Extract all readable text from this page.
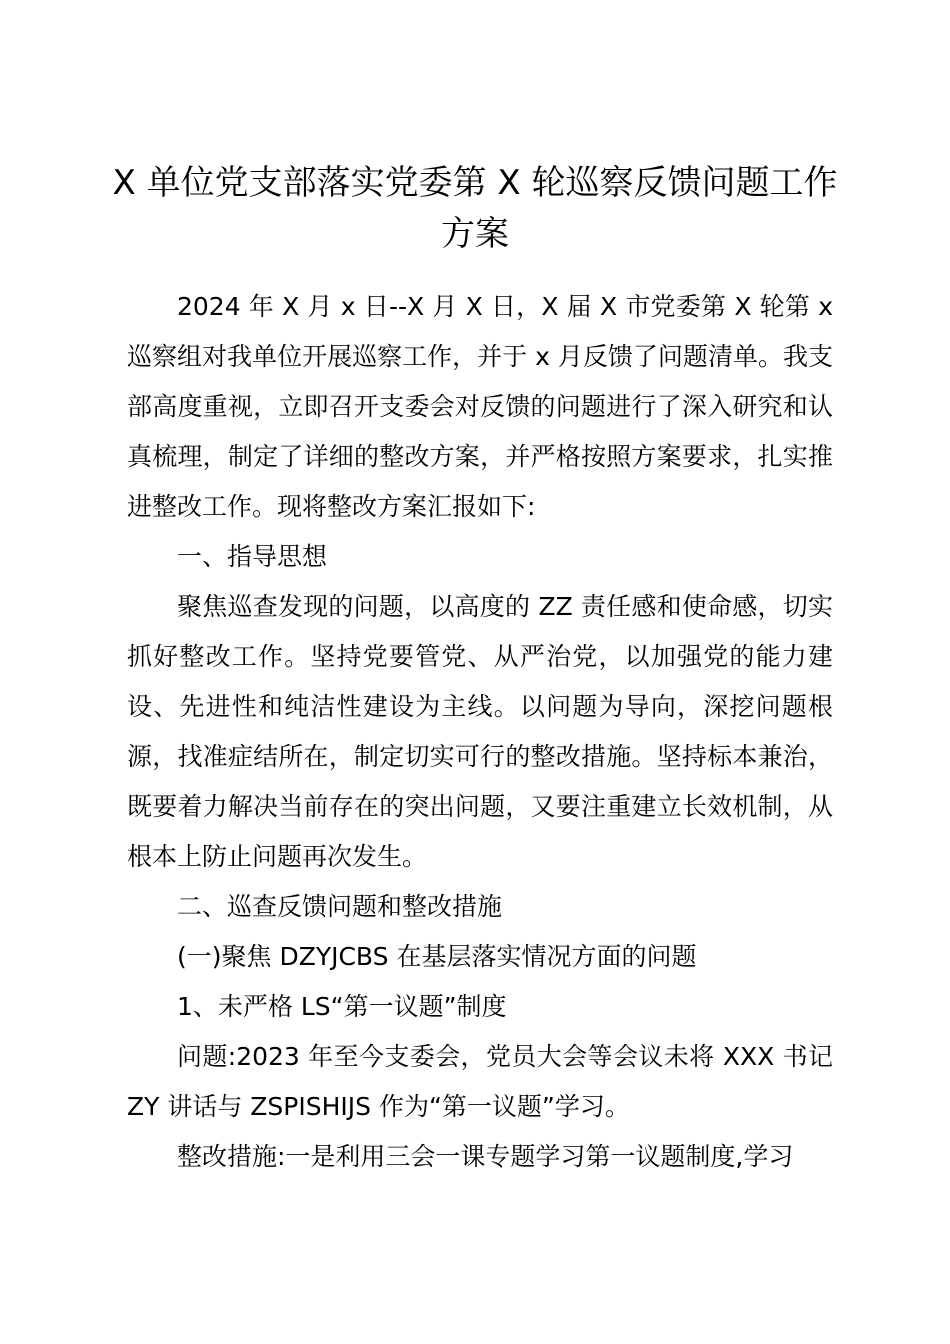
X 单位党支部落实党委第 X 轮巡察反馈问题工作方案

2024 年 X 月 x 日--X 月 X 日，X 届 X 市党委第 X 轮第 x 巡察组对我单位开展巡察工作，并于 x 月反馈了问题清单。我支部高度重视，立即召开支委会对反馈的问题进行了深入研究和认真梳理，制定了详细的整改方案，并严格按照方案要求，扎实推进整改工作。现将整改方案汇报如下:

一、指导思想

聚焦巡查发现的问题，以高度的 ZZ 责任感和使命感，切实抓好整改工作。坚持党要管党、从严治党，以加强党的能力建设、先进性和纯洁性建设为主线。以问题为导向，深挖问题根源，找准症结所在，制定切实可行的整改措施。坚持标本兼治，既要着力解决当前存在的突出问题，又要注重建立长效机制，从根本上防止问题再次发生。

二、巡查反馈问题和整改措施

(一)聚焦 DZYJCBS 在基层落实情况方面的问题

1、未严格 LS“第一议题”制度

问题:2023 年至今支委会，党员大会等会议未将 XXX 书记 ZY 讲话与 ZSPISHIJS 作为“第一议题”学习。

整改措施:一是利用三会一课专题学习第一议题制度,学习
